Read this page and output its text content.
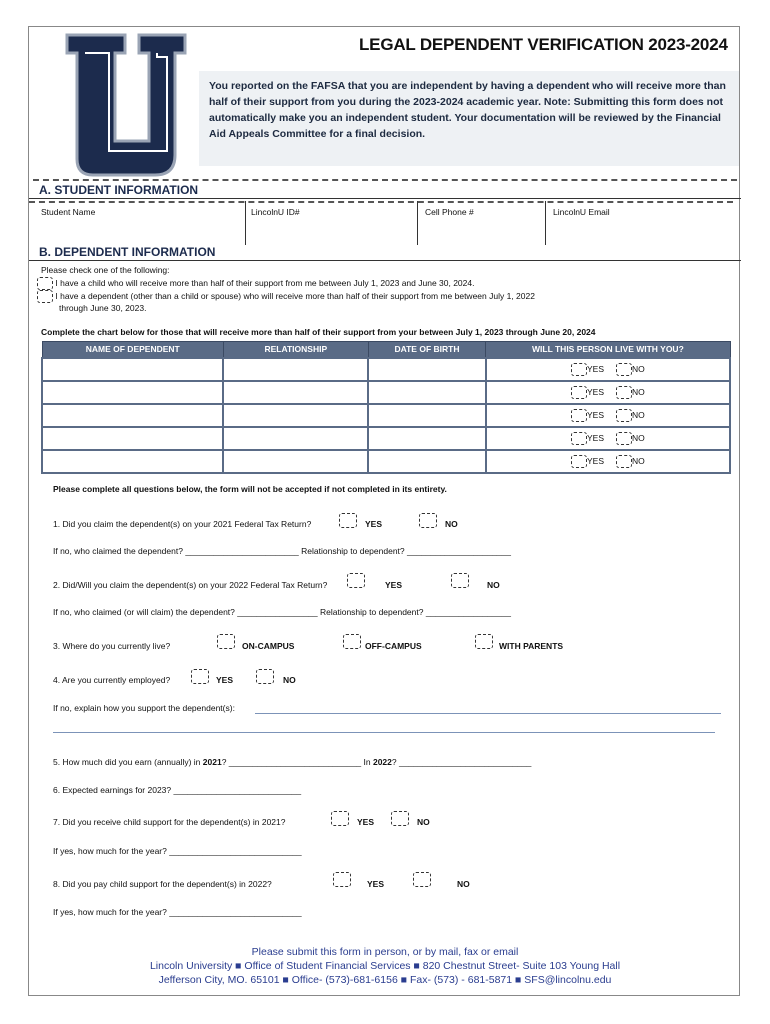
LEGAL DEPENDENT VERIFICATION 2023-2024
You reported on the FAFSA that you are independent by having a dependent who will receive more than half of their support from you during the 2023-2024 academic year. Note: Submitting this form does not automatically make you an independent student. Your documentation will be reviewed by the Financial Aid Appeals Committee for a final decision.
A. STUDENT INFORMATION
Student Name	LincolnU ID#	Cell Phone #	LincolnU Email
B. DEPENDENT INFORMATION
Please check one of the following:
I have a child who will receive more than half of their support from me between July 1, 2023 and June 30, 2024.
I have a dependent (other than a child or spouse) who will receive more than half of their support from me between July 1, 2022
through June 30, 2023.
Complete the chart below for those that will receive more than half of their support from your between July 1, 2023 through June 20, 2024
NAME OF DEPENDENT	RELATIONSHIP	DATE OF BIRTH	WILL THIS PERSON LIVE WITH YOU?
			YES NO
			YES NO
			YES NO
			YES NO
			YES NO
Please complete all questions below, the form will not be accepted if not completed in its entirety.
1. Did you claim the dependent(s) on your 2021 Federal Tax Return?	YES	NO
If no, who claimed the dependent? ________________________ Relationship to dependent? ______________________
2. Did/Will you claim the dependent(s) on your 2022 Federal Tax Return?	YES	NO
If no, who claimed (or will claim) the dependent? _________________ Relationship to dependent? __________________
3. Where do you currently live?	ON-CAMPUS	OFF-CAMPUS	WITH PARENTS
4. Are you currently employed?	YES	NO
If no, explain how you support the dependent(s):
5. How much did you earn (annually) in 2021? ____________________________ In 2022? ____________________________
6. Expected earnings for 2023? ___________________________
7. Did you receive child support for the dependent(s) in 2021?	YES	NO
If yes, how much for the year? ____________________________
8. Did you pay child support for the dependent(s) in 2022?	YES	NO
If yes, how much for the year? ____________________________
Please submit this form in person, or by mail, fax or email
Lincoln University ■ Office of Student Financial Services ■ 820 Chestnut Street- Suite 103 Young Hall
Jefferson City, MO. 65101 ■ Office- (573)-681-6156 ■ Fax- (573) - 681-5871 ■ SFS@lincolnu.edu
